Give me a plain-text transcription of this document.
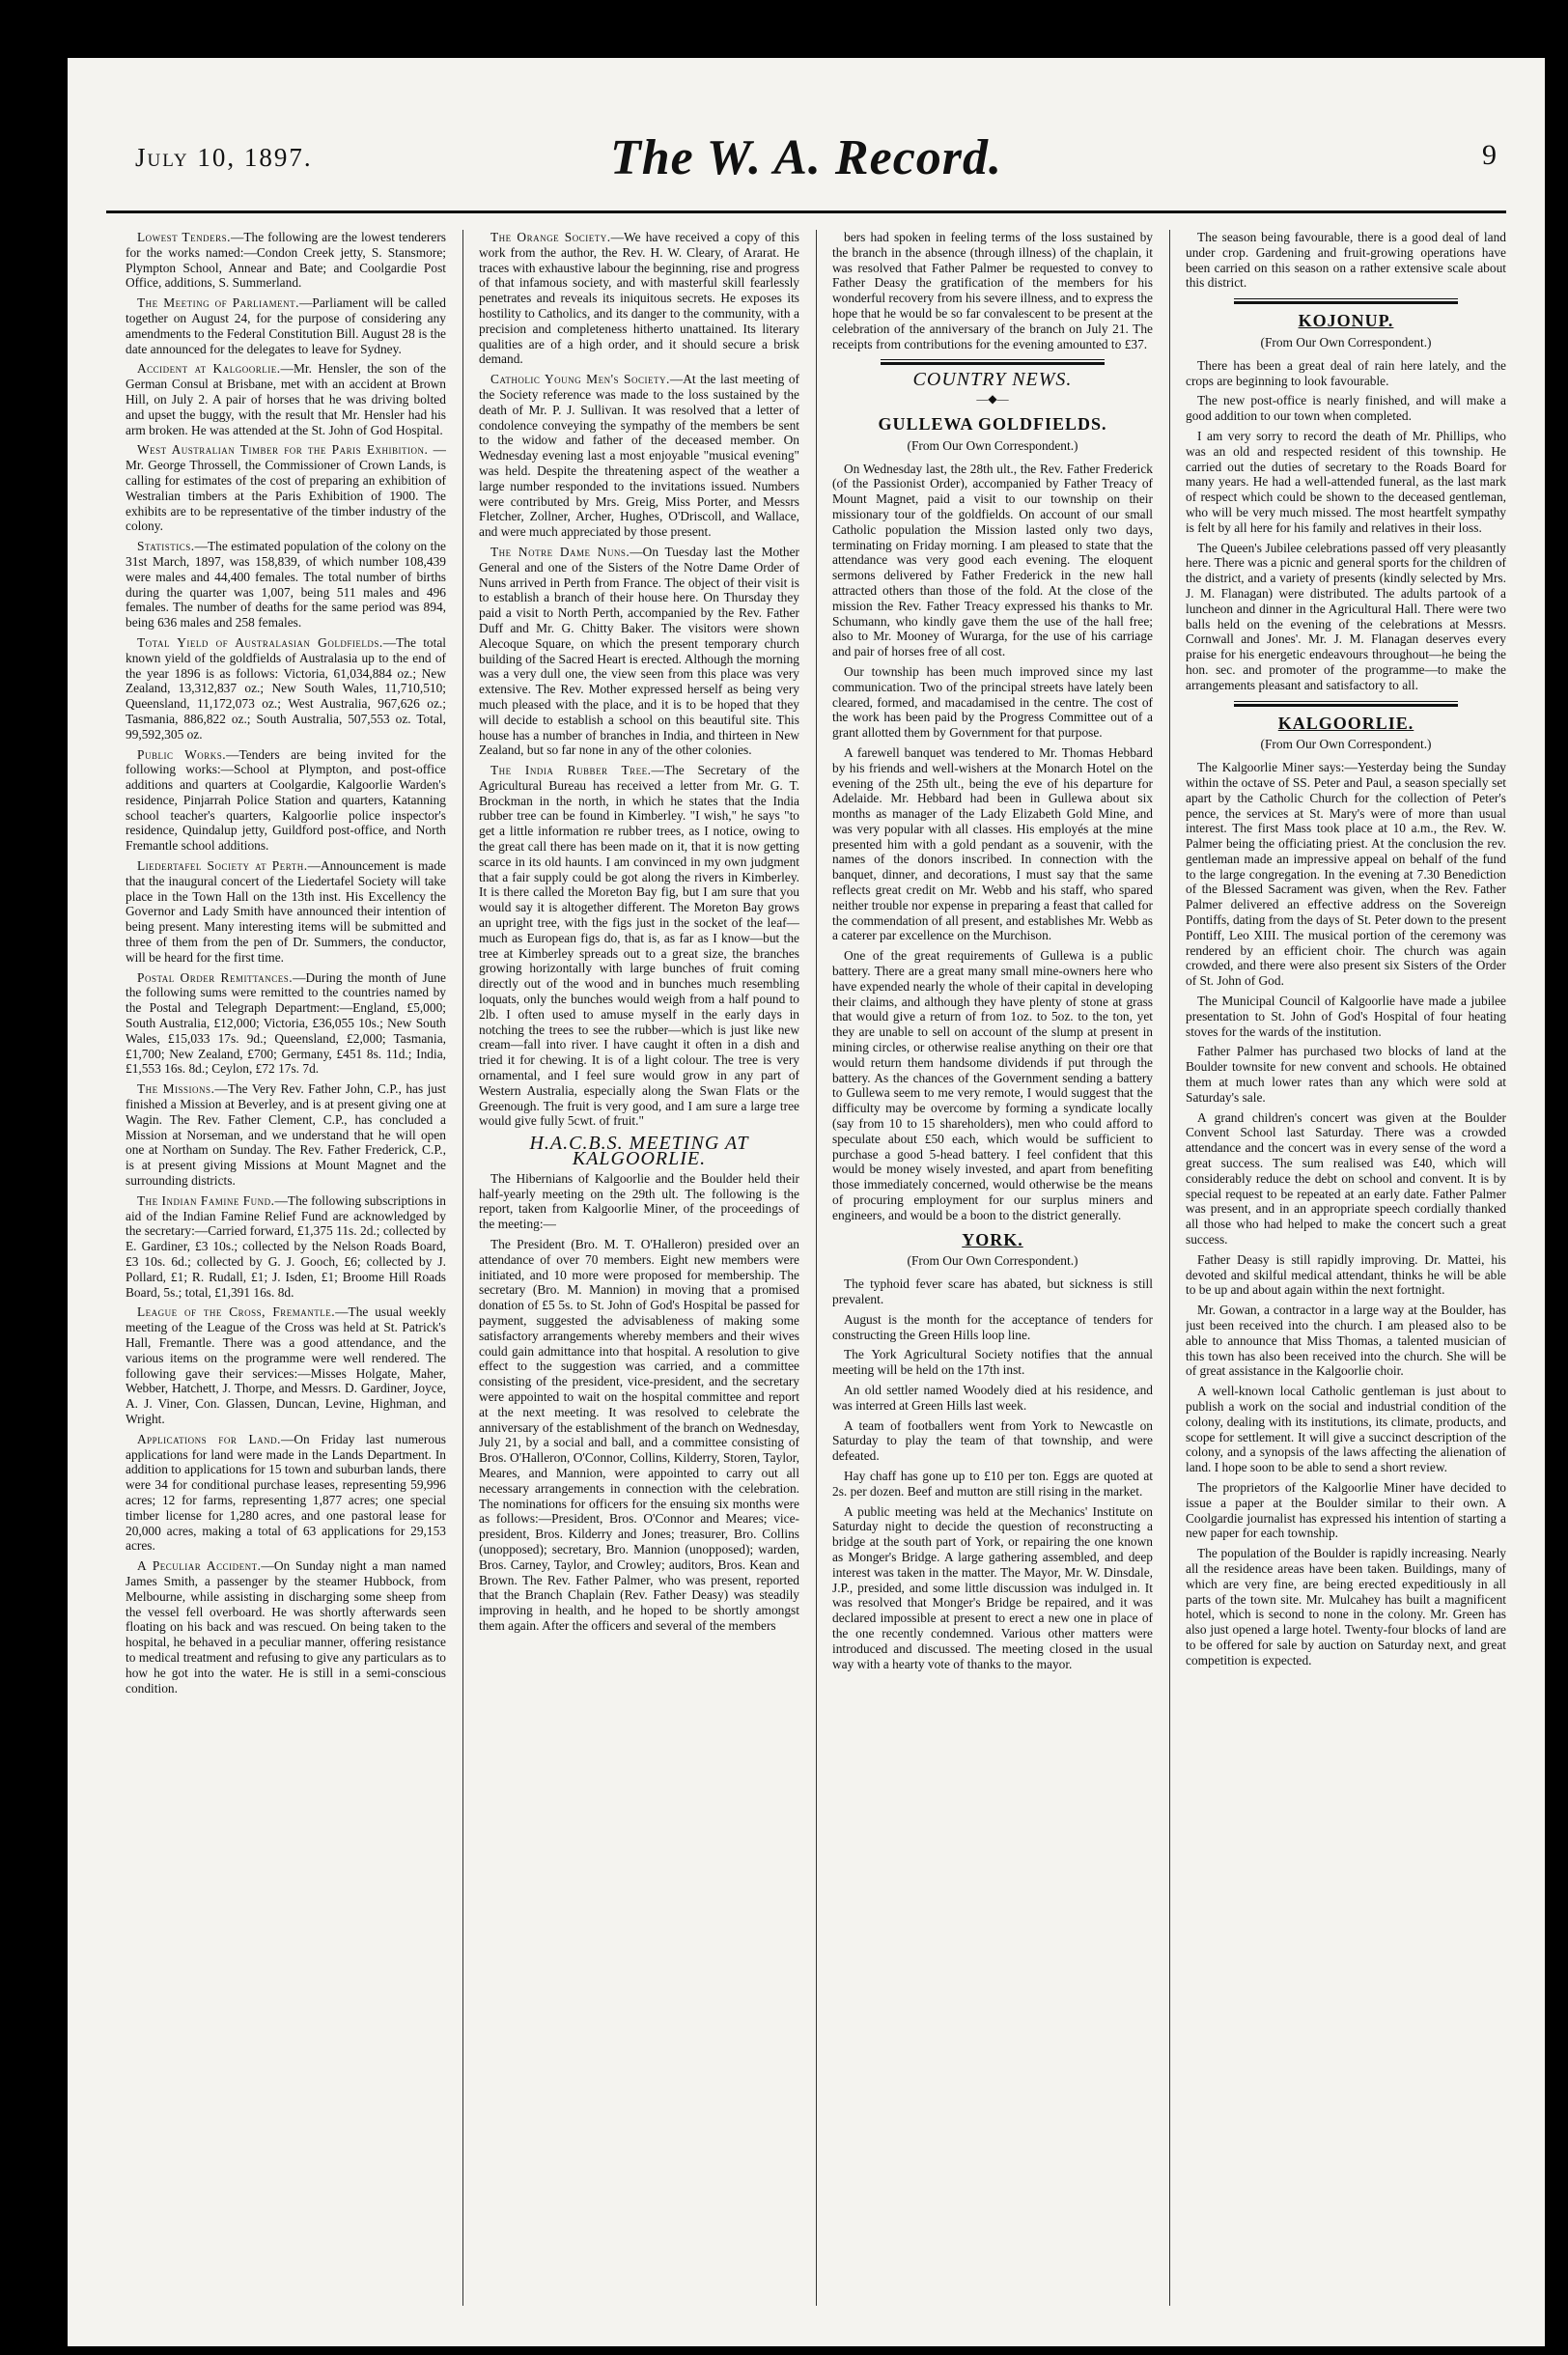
July 10, 1897.	The W. A. Record.	9

Lowest Tenders.—The following are the lowest tenderers for the works named:—Condon Creek jetty, S. Stansmore; Plympton School, Annear and Bate; and Coolgardie Post Office, additions, S. Summerland.

The Meeting of Parliament.—Parliament will be called together on August 24, for the purpose of considering any amendments to the Federal Constitution Bill. August 28 is the date announced for the delegates to leave for Sydney.

Accident at Kalgoorlie.—Mr. Hensler, the son of the German Consul at Brisbane, met with an accident at Brown Hill, on July 2. A pair of horses that he was driving bolted and upset the buggy, with the result that Mr. Hensler had his arm broken. He was attended at the St. John of God Hospital.

West Australian Timber for the Paris Exhibition. — Mr. George Throssell, the Commissioner of Crown Lands, is calling for estimates of the cost of preparing an exhibition of Westralian timbers at the Paris Exhibition of 1900. The exhibits are to be representative of the timber industry of the colony.

Statistics.—The estimated population of the colony on the 31st March, 1897, was 158,839, of which number 108,439 were males and 44,400 females. The total number of births during the quarter was 1,007, being 511 males and 496 females. The number of deaths for the same period was 894, being 636 males and 258 females.

Total Yield of Australasian Goldfields.—The total known yield of the goldfields of Australasia up to the end of the year 1896 is as follows: Victoria, 61,034,884 oz.; New Zealand, 13,312,837 oz.; New South Wales, 11,710,510; Queensland, 11,172,073 oz.; West Australia, 967,626 oz.; Tasmania, 886,822 oz.; South Australia, 507,553 oz. Total, 99,592,305 oz.

Public Works.—Tenders are being invited for the following works:—School at Plympton, and post-office additions and quarters at Coolgardie, Kalgoorlie Warden's residence, Pinjarrah Police Station and quarters, Katanning school teacher's quarters, Kalgoorlie police inspector's residence, Quindalup jetty, Guildford post-office, and North Fremantle school additions.

Liedertafel Society at Perth.—Announcement is made that the inaugural concert of the Liedertafel Society will take place in the Town Hall on the 13th inst. His Excellency the Governor and Lady Smith have announced their intention of being present. Many interesting items will be submitted and three of them from the pen of Dr. Summers, the conductor, will be heard for the first time.

Postal Order Remittances.—During the month of June the following sums were remitted to the countries named by the Postal and Telegraph Department:—England, £5,000; South Australia, £12,000; Victoria, £36,055 10s.; New South Wales, £15,033 17s. 9d.; Queensland, £2,000; Tasmania, £1,700; New Zealand, £700; Germany, £451 8s. 11d.; India, £1,553 16s. 8d.; Ceylon, £72 17s. 7d.

The Missions.—The Very Rev. Father John, C.P., has just finished a Mission at Beverley, and is at present giving one at Wagin. The Rev. Father Clement, C.P., has concluded a Mission at Norseman, and we understand that he will open one at Northam on Sunday. The Rev. Father Frederick, C.P., is at present giving Missions at Mount Magnet and the surrounding districts.

The Indian Famine Fund.—The following subscriptions in aid of the Indian Famine Relief Fund are acknowledged by the secretary:—Carried forward, £1,375 11s. 2d.; collected by E. Gardiner, £3 10s.; collected by the Nelson Roads Board, £3 10s. 6d.; collected by G. J. Gooch, £6; collected by J. Pollard, £1; R. Rudall, £1; J. Isden, £1; Broome Hill Roads Board, 5s.; total, £1,391 16s. 8d.

League of the Cross, Fremantle.—The usual weekly meeting of the League of the Cross was held at St. Patrick's Hall, Fremantle. There was a good attendance, and the various items on the programme were well rendered. The following gave their services:—Misses Holgate, Maher, Webber, Hatchett, J. Thorpe, and Messrs. D. Gardiner, Joyce, A. J. Viner, Con. Glassen, Duncan, Levine, Highman, and Wright.

Applications for Land.—On Friday last numerous applications for land were made in the Lands Department. In addition to applications for 15 town and suburban lands, there were 34 for conditional purchase leases, representing 59,996 acres; 12 for farms, representing 1,877 acres; one special timber license for 1,280 acres, and one pastoral lease for 20,000 acres, making a total of 63 applications for 29,153 acres.

A Peculiar Accident.—On Sunday night a man named James Smith, a passenger by the steamer Hubbock, from Melbourne, while assisting in discharging some sheep from the vessel fell overboard. He was shortly afterwards seen floating on his back and was rescued. On being taken to the hospital, he behaved in a peculiar manner, offering resistance to medical treatment and refusing to give any particulars as to how he got into the water. He is still in a semi-conscious condition.

The Orange Society.—We have received a copy of this work from the author, the Rev. H. W. Cleary, of Ararat. He traces with exhaustive labour the beginning, rise and progress of that infamous society, and with masterful skill fearlessly penetrates and reveals its iniquitous secrets. He exposes its hostility to Catholics, and its danger to the community, with a precision and completeness hitherto unattained. Its literary qualities are of a high order, and it should secure a brisk demand.

Catholic Young Men's Society.—At the last meeting of the Society reference was made to the loss sustained by the death of Mr. P. J. Sullivan. It was resolved that a letter of condolence conveying the sympathy of the members be sent to the widow and father of the deceased member. On Wednesday evening last a most enjoyable "musical evening" was held. Despite the threatening aspect of the weather a large number responded to the invitations issued. Numbers were contributed by Mrs. Greig, Miss Porter, and Messrs Fletcher, Zollner, Archer, Hughes, O'Driscoll, and Wallace, and were much appreciated by those present.

The Notre Dame Nuns.—On Tuesday last the Mother General and one of the Sisters of the Notre Dame Order of Nuns arrived in Perth from France. The object of their visit is to establish a branch of their house here. On Thursday they paid a visit to North Perth, accompanied by the Rev. Father Duff and Mr. G. Chitty Baker. The visitors were shown Alecoque Square, on which the present temporary church building of the Sacred Heart is erected. Although the morning was a very dull one, the view seen from this place was very extensive. The Rev. Mother expressed herself as being very much pleased with the place, and it is to be hoped that they will decide to establish a school on this beautiful site. This house has a number of branches in India, and thirteen in New Zealand, but so far none in any of the other colonies.

The India Rubber Tree.—The Secretary of the Agricultural Bureau has received a letter from Mr. G. T. Brockman in the north, in which he states that the India rubber tree can be found in Kimberley. "I wish," he says "to get a little information re rubber trees, as I notice, owing to the great call there has been made on it, that it is now getting scarce in its old haunts. I am convinced in my own judgment that a fair supply could be got along the rivers in Kimberley. It is there called the Moreton Bay fig, but I am sure that you would say it is altogether different. The Moreton Bay grows an upright tree, with the figs just in the socket of the leaf—much as European figs do, that is, as far as I know—but the tree at Kimberley spreads out to a great size, the branches growing horizontally with large bunches of fruit coming directly out of the wood and in bunches much resembling loquats, only the bunches would weigh from a half pound to 2lb. I often used to amuse myself in the early days in notching the trees to see the rubber—which is just like new cream—fall into river. I have caught it often in a dish and tried it for chewing. It is of a light colour. The tree is very ornamental, and I feel sure would grow in any part of Western Australia, especially along the Swan Flats or the Greenough. The fruit is very good, and I am sure a large tree would give fully 5cwt. of fruit."

H.A.C.B.S. MEETING AT KALGOORLIE.

The Hibernians of Kalgoorlie and the Boulder held their half-yearly meeting on the 29th ult. The following is the report, taken from Kalgoorlie Miner, of the proceedings of the meeting:—

The President (Bro. M. T. O'Halleron) presided over an attendance of over 70 members. Eight new members were initiated, and 10 more were proposed for membership. The secretary (Bro. M. Mannion) in moving that a promised donation of £5 5s. to St. John of God's Hospital be passed for payment, suggested the advisableness of making some satisfactory arrangements whereby members and their wives could gain admittance into that hospital. A resolution to give effect to the suggestion was carried, and a committee consisting of the president, vice-president, and the secretary were appointed to wait on the hospital committee and report at the next meeting. It was resolved to celebrate the anniversary of the establishment of the branch on Wednesday, July 21, by a social and ball, and a committee consisting of Bros. O'Halleron, O'Connor, Collins, Kilderry, Storen, Taylor, Meares, and Mannion, were appointed to carry out all necessary arrangements in connection with the celebration. The nominations for officers for the ensuing six months were as follows:—President, Bros. O'Connor and Meares; vice-president, Bros. Kilderry and Jones; treasurer, Bro. Collins (unopposed); secretary, Bro. Mannion (unopposed); warden, Bros. Carney, Taylor, and Crowley; auditors, Bros. Kean and Brown. The Rev. Father Palmer, who was present, reported that the Branch Chaplain (Rev. Father Deasy) was steadily improving in health, and he hoped to be shortly amongst them again. After the officers and several of the members

bers had spoken in feeling terms of the loss sustained by the branch in the absence (through illness) of the chaplain, it was resolved that Father Palmer be requested to convey to Father Deasy the gratification of the members for his wonderful recovery from his severe illness, and to express the hope that he would be so far convalescent to be present at the celebration of the anniversary of the branch on July 21. The receipts from contributions for the evening amounted to £37.

COUNTRY NEWS.
—◆—
GULLEWA GOLDFIELDS.
(From Our Own Correspondent.)

On Wednesday last, the 28th ult., the Rev. Father Frederick (of the Passionist Order), accompanied by Father Treacy of Mount Magnet, paid a visit to our township on their missionary tour of the goldfields. On account of our small Catholic population the Mission lasted only two days, terminating on Friday morning. I am pleased to state that the attendance was very good each evening. The eloquent sermons delivered by Father Frederick in the new hall attracted others than those of the fold. At the close of the mission the Rev. Father Treacy expressed his thanks to Mr. Schumann, who kindly gave them the use of the hall free; also to Mr. Mooney of Wurarga, for the use of his carriage and pair of horses free of all cost.

Our township has been much improved since my last communication. Two of the principal streets have lately been cleared, formed, and macadamised in the centre. The cost of the work has been paid by the Progress Committee out of a grant allotted them by Government for that purpose.

A farewell banquet was tendered to Mr. Thomas Hebbard by his friends and well-wishers at the Monarch Hotel on the evening of the 25th ult., being the eve of his departure for Adelaide. Mr. Hebbard had been in Gullewa about six months as manager of the Lady Elizabeth Gold Mine, and was very popular with all classes. His employés at the mine presented him with a gold pendant as a souvenir, with the names of the donors inscribed. In connection with the banquet, dinner, and decorations, I must say that the same reflects great credit on Mr. Webb and his staff, who spared neither trouble nor expense in preparing a feast that called for the commendation of all present, and establishes Mr. Webb as a caterer par excellence on the Murchison.

One of the great requirements of Gullewa is a public battery. There are a great many small mine-owners here who have expended nearly the whole of their capital in developing their claims, and although they have plenty of stone at grass that would give a return of from 1oz. to 5oz. to the ton, yet they are unable to sell on account of the slump at present in mining circles, or otherwise realise anything on their ore that would return them handsome dividends if put through the battery. As the chances of the Government sending a battery to Gullewa seem to me very remote, I would suggest that the difficulty may be overcome by forming a syndicate locally (say from 10 to 15 shareholders), men who could afford to speculate about £50 each, which would be sufficient to purchase a good 5-head battery. I feel confident that this would be money wisely invested, and apart from benefiting those immediately concerned, would otherwise be the means of procuring employment for our surplus miners and engineers, and would be a boon to the district generally.

YORK.
(From Our Own Correspondent.)

The typhoid fever scare has abated, but sickness is still prevalent.

August is the month for the acceptance of tenders for constructing the Green Hills loop line.

The York Agricultural Society notifies that the annual meeting will be held on the 17th inst.

An old settler named Woodely died at his residence, and was interred at Green Hills last week.

A team of footballers went from York to Newcastle on Saturday to play the team of that township, and were defeated.

Hay chaff has gone up to £10 per ton. Eggs are quoted at 2s. per dozen. Beef and mutton are still rising in the market.

A public meeting was held at the Mechanics' Institute on Saturday night to decide the question of reconstructing a bridge at the south part of York, or repairing the one known as Monger's Bridge. A large gathering assembled, and deep interest was taken in the matter. The Mayor, Mr. W. Dinsdale, J.P., presided, and some little discussion was indulged in. It was resolved that Monger's Bridge be repaired, and it was declared impossible at present to erect a new one in place of the one recently condemned. Various other matters were introduced and discussed. The meeting closed in the usual way with a hearty vote of thanks to the mayor.

The season being favourable, there is a good deal of land under crop. Gardening and fruit-growing operations have been carried on this season on a rather extensive scale about this district.

KOJONUP.
(From Our Own Correspondent.)

There has been a great deal of rain here lately, and the crops are beginning to look favourable.

The new post-office is nearly finished, and will make a good addition to our town when completed.

I am very sorry to record the death of Mr. Phillips, who was an old and respected resident of this township. He carried out the duties of secretary to the Roads Board for many years. He had a well-attended funeral, as the last mark of respect which could be shown to the deceased gentleman, who will be very much missed. The most heartfelt sympathy is felt by all here for his family and relatives in their loss.

The Queen's Jubilee celebrations passed off very pleasantly here. There was a picnic and general sports for the children of the district, and a variety of presents (kindly selected by Mrs. J. M. Flanagan) were distributed. The adults partook of a luncheon and dinner in the Agricultural Hall. There were two balls held on the evening of the celebrations at Messrs. Cornwall and Jones'. Mr. J. M. Flanagan deserves every praise for his energetic endeavours throughout—he being the hon. sec. and promoter of the programme—to make the arrangements pleasant and satisfactory to all.

KALGOORLIE.
(From Our Own Correspondent.)

The Kalgoorlie Miner says:—Yesterday being the Sunday within the octave of SS. Peter and Paul, a season specially set apart by the Catholic Church for the collection of Peter's pence, the services at St. Mary's were of more than usual interest. The first Mass took place at 10 a.m., the Rev. W. Palmer being the officiating priest. At the conclusion the rev. gentleman made an impressive appeal on behalf of the fund to the large congregation. In the evening at 7.30 Benediction of the Blessed Sacrament was given, when the Rev. Father Palmer delivered an effective address on the Sovereign Pontiffs, dating from the days of St. Peter down to the present Pontiff, Leo XIII. The musical portion of the ceremony was rendered by an efficient choir. The church was again crowded, and there were also present six Sisters of the Order of St. John of God.

The Municipal Council of Kalgoorlie have made a jubilee presentation to St. John of God's Hospital of four heating stoves for the wards of the institution.

Father Palmer has purchased two blocks of land at the Boulder townsite for new convent and schools. He obtained them at much lower rates than any which were sold at Saturday's sale.

A grand children's concert was given at the Boulder Convent School last Saturday. There was a crowded attendance and the concert was in every sense of the word a great success. The sum realised was £40, which will considerably reduce the debt on school and convent. It is by special request to be repeated at an early date. Father Palmer was present, and in an appropriate speech cordially thanked all those who had helped to make the concert such a great success.

Father Deasy is still rapidly improving. Dr. Mattei, his devoted and skilful medical attendant, thinks he will be able to be up and about again within the next fortnight.

Mr. Gowan, a contractor in a large way at the Boulder, has just been received into the church. I am pleased also to be able to announce that Miss Thomas, a talented musician of this town has also been received into the church. She will be of great assistance in the Kalgoorlie choir.

A well-known local Catholic gentleman is just about to publish a work on the social and industrial condition of the colony, dealing with its institutions, its climate, products, and scope for settlement. It will give a succinct description of the colony, and a synopsis of the laws affecting the alienation of land. I hope soon to be able to send a short review.

The proprietors of the Kalgoorlie Miner have decided to issue a paper at the Boulder similar to their own. A Coolgardie journalist has expressed his intention of starting a new paper for each township.

The population of the Boulder is rapidly increasing. Nearly all the residence areas have been taken. Buildings, many of which are very fine, are being erected expeditiously in all parts of the town site. Mr. Mulcahey has built a magnificent hotel, which is second to none in the colony. Mr. Green has also just opened a large hotel. Twenty-four blocks of land are to be offered for sale by auction on Saturday next, and great competition is expected.
